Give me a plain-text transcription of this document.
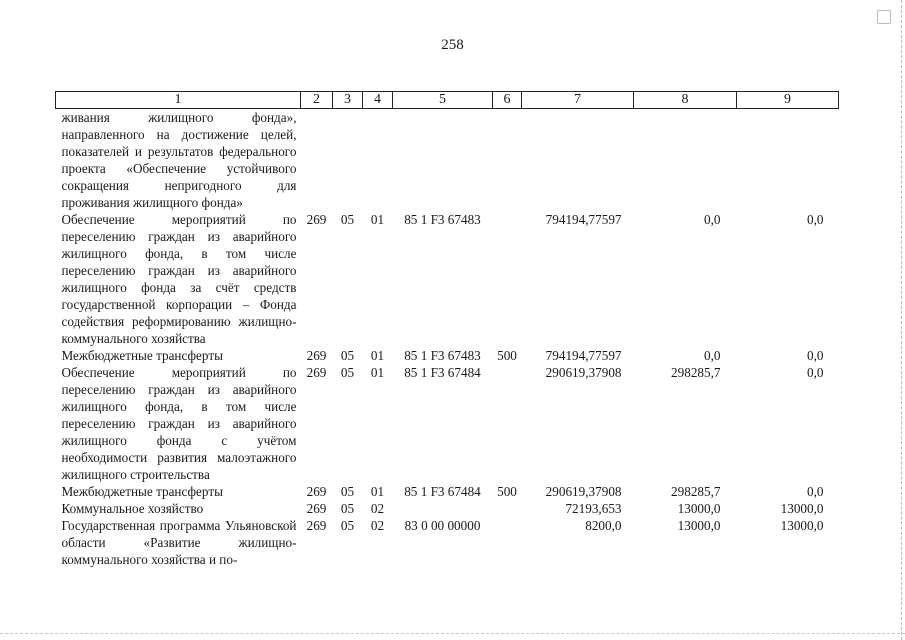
258
1	2	3	4	5	6	7	8	9
живания жилищного фонда», направленного на достижение целей, показателей и результатов федерального проекта «Обеспечение устойчивого сокращения непригодного для проживания жилищного фонда»								
Обеспечение мероприятий по переселению граждан из аварийного жилищного фонда, в том числе переселению граждан из аварийного жилищного фонда за счёт средств государственной корпорации – Фонда содействия реформированию жилищно-коммунального хозяйства	269	05	01	85 1 F3 67483		794194,77597	0,0	0,0
Межбюджетные трансферты	269	05	01	85 1 F3 67483	500	794194,77597	0,0	0,0
Обеспечение мероприятий по переселению граждан из аварийного жилищного фонда, в том числе переселению граждан из аварийного жилищного фонда с учётом необходимости развития малоэтажного жилищного строительства	269	05	01	85 1 F3 67484		290619,37908	298285,7	0,0
Межбюджетные трансферты	269	05	01	85 1 F3 67484	500	290619,37908	298285,7	0,0
Коммунальное хозяйство	269	05	02			72193,653	13000,0	13000,0
Государственная программа Ульяновской области «Развитие жилищно-коммунального хозяйства и по-	269	05	02	83 0 00 00000		8200,0	13000,0	13000,0
